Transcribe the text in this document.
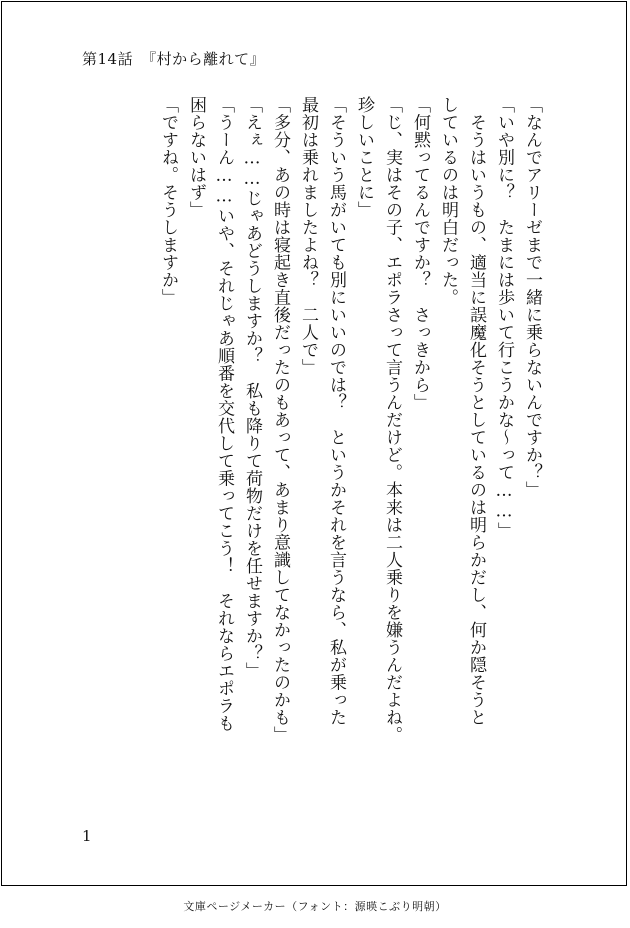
第14話　『村から離れて』
「なんでアリーゼまで一緒に乗らないんですか？」
「いや別に？　たまには歩いて行こうかな～って……」
　そうはいうもの、適当に誤魔化そうとしているのは明らかだし、何か隠そうと
しているのは明白だった。
「何黙ってるんですか？　さっきから」
「じ、実はその子、エポラさって言うんだけど。本来は二人乗りを嫌うんだよね。
珍しいことに」
「そういう馬がいても別にいいのでは？　というかそれを言うなら、私が乗った
最初は乗れましたよね？　二人で」
「多分、あの時は寝起き直後だったのもあって、あまり意識してなかったのかも」
「えぇ……じゃあどうしますか？　私も降りて荷物だけを任せますか？」
「うーん……いや、それじゃあ順番を交代して乗ってこう！　それならエポラも
困らないはず」
「ですね。そうしますか」
1
文庫ページメーカー（フォント：源暎こぶり明朝）
